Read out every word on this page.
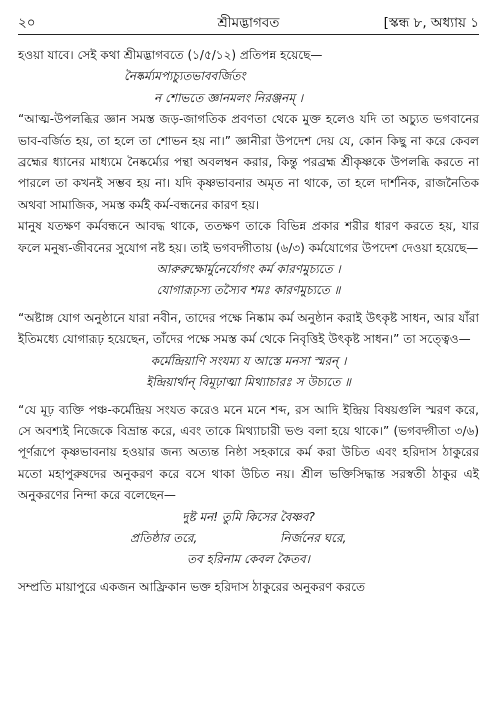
২০	শ্রীমদ্ভাগবত	[স্কন্ধ ৮, অধ্যায় ১

হওয়া যাবে। সেই কথা শ্রীমদ্ভাগবতে (১/৫/১২) প্রতিপন্ন হয়েছে—

নৈষ্কর্ম্যমপ্যচ্যুতভাববর্জিতং

ন শোভতে জ্ঞানমলং নিরঞ্জনম্ ।

“আত্ম-উপলব্ধির জ্ঞান সমস্ত জড়-জাগতিক প্রবণতা থেকে মুক্ত হলেও যদি তা অচ্যুত ভগবানের ভাব-বর্জিত হয়, তা হলে তা শোভন হয় না।” জ্ঞানীরা উপদেশ দেয় যে, কোন কিছু না করে কেবল ব্রহ্মের ধ্যানের মাধ্যমে নৈষ্কর্ম্যের পন্থা অবলম্বন করার, কিন্তু পরব্রহ্ম শ্রীকৃষ্ণকে উপলব্ধি করতে না পারলে তা কখনই সম্ভব হয় না। যদি কৃষ্ণভাবনার অমৃত না থাকে, তা হলে দার্শনিক, রাজনৈতিক অথবা সামাজিক, সমস্ত কর্মই কর্ম-বন্ধনের কারণ হয়।

মানুষ যতক্ষণ কর্মবন্ধনে আবদ্ধ থাকে, ততক্ষণ তাকে বিভিন্ন প্রকার শরীর ধারণ করতে হয়, যার ফলে মনুষ্য-জীবনের সুযোগ নষ্ট হয়। তাই ভগবদ্গীতায় (৬/৩) কর্মযোগের উপদেশ দেওয়া হয়েছে—

আরুরুক্ষোর্মুনের্যোগং কর্ম কারণমুচ্যতে ।

যোগারূঢ়স্য তস্যৈব শমঃ কারণমুচ্যতে ॥

“অষ্টাঙ্গ যোগ অনুষ্ঠানে যারা নবীন, তাদের পক্ষে নিষ্কাম কর্ম অনুষ্ঠান করাই উৎকৃষ্ট সাধন, আর যাঁরা ইতিমধ্যে যোগারূঢ় হয়েছেন, তাঁদের পক্ষে সমস্ত কর্ম থেকে নিবৃত্তিই উৎকৃষ্ট সাধন।” তা সত্ত্বেও—

কর্মেন্দ্রিয়াণি সংযম্য য আস্তে মনসা স্মরন্ ।

ইন্দ্রিয়ার্থান্ বিমূঢ়াত্মা মিথ্যাচারঃ স উচ্যতে ॥

“যে মূঢ় ব্যক্তি পঞ্চ-কর্মেন্দ্রিয় সংযত করেও মনে মনে শব্দ, রস আদি ইন্দ্রিয় বিষয়গুলি স্মরণ করে, সে অবশ্যই নিজেকে বিভ্রান্ত করে, এবং তাকে মিথ্যাচারী ভণ্ড বলা হয়ে থাকে।” (ভগবদ্গীতা ৩/৬) পূর্ণরূপে কৃষ্ণভাবনায় হওয়ার জন্য অত্যন্ত নিষ্ঠা সহকারে কর্ম করা উচিত এবং হরিদাস ঠাকুরের মতো মহাপুরুষদের অনুকরণ করে বসে থাকা উচিত নয়। শ্রীল ভক্তিসিদ্ধান্ত সরস্বতী ঠাকুর এই অনুকরণের নিন্দা করে বলেছেন—

দুষ্ট মন! তুমি কিসের বৈষ্ণব?

প্রতিষ্ঠার তরে,	নির্জনের ঘরে,

তব হরিনাম কেবল কৈতব।

সম্প্রতি মায়াপুরে একজন আফ্রিকান ভক্ত হরিদাস ঠাকুরের অনুকরণ করতে
